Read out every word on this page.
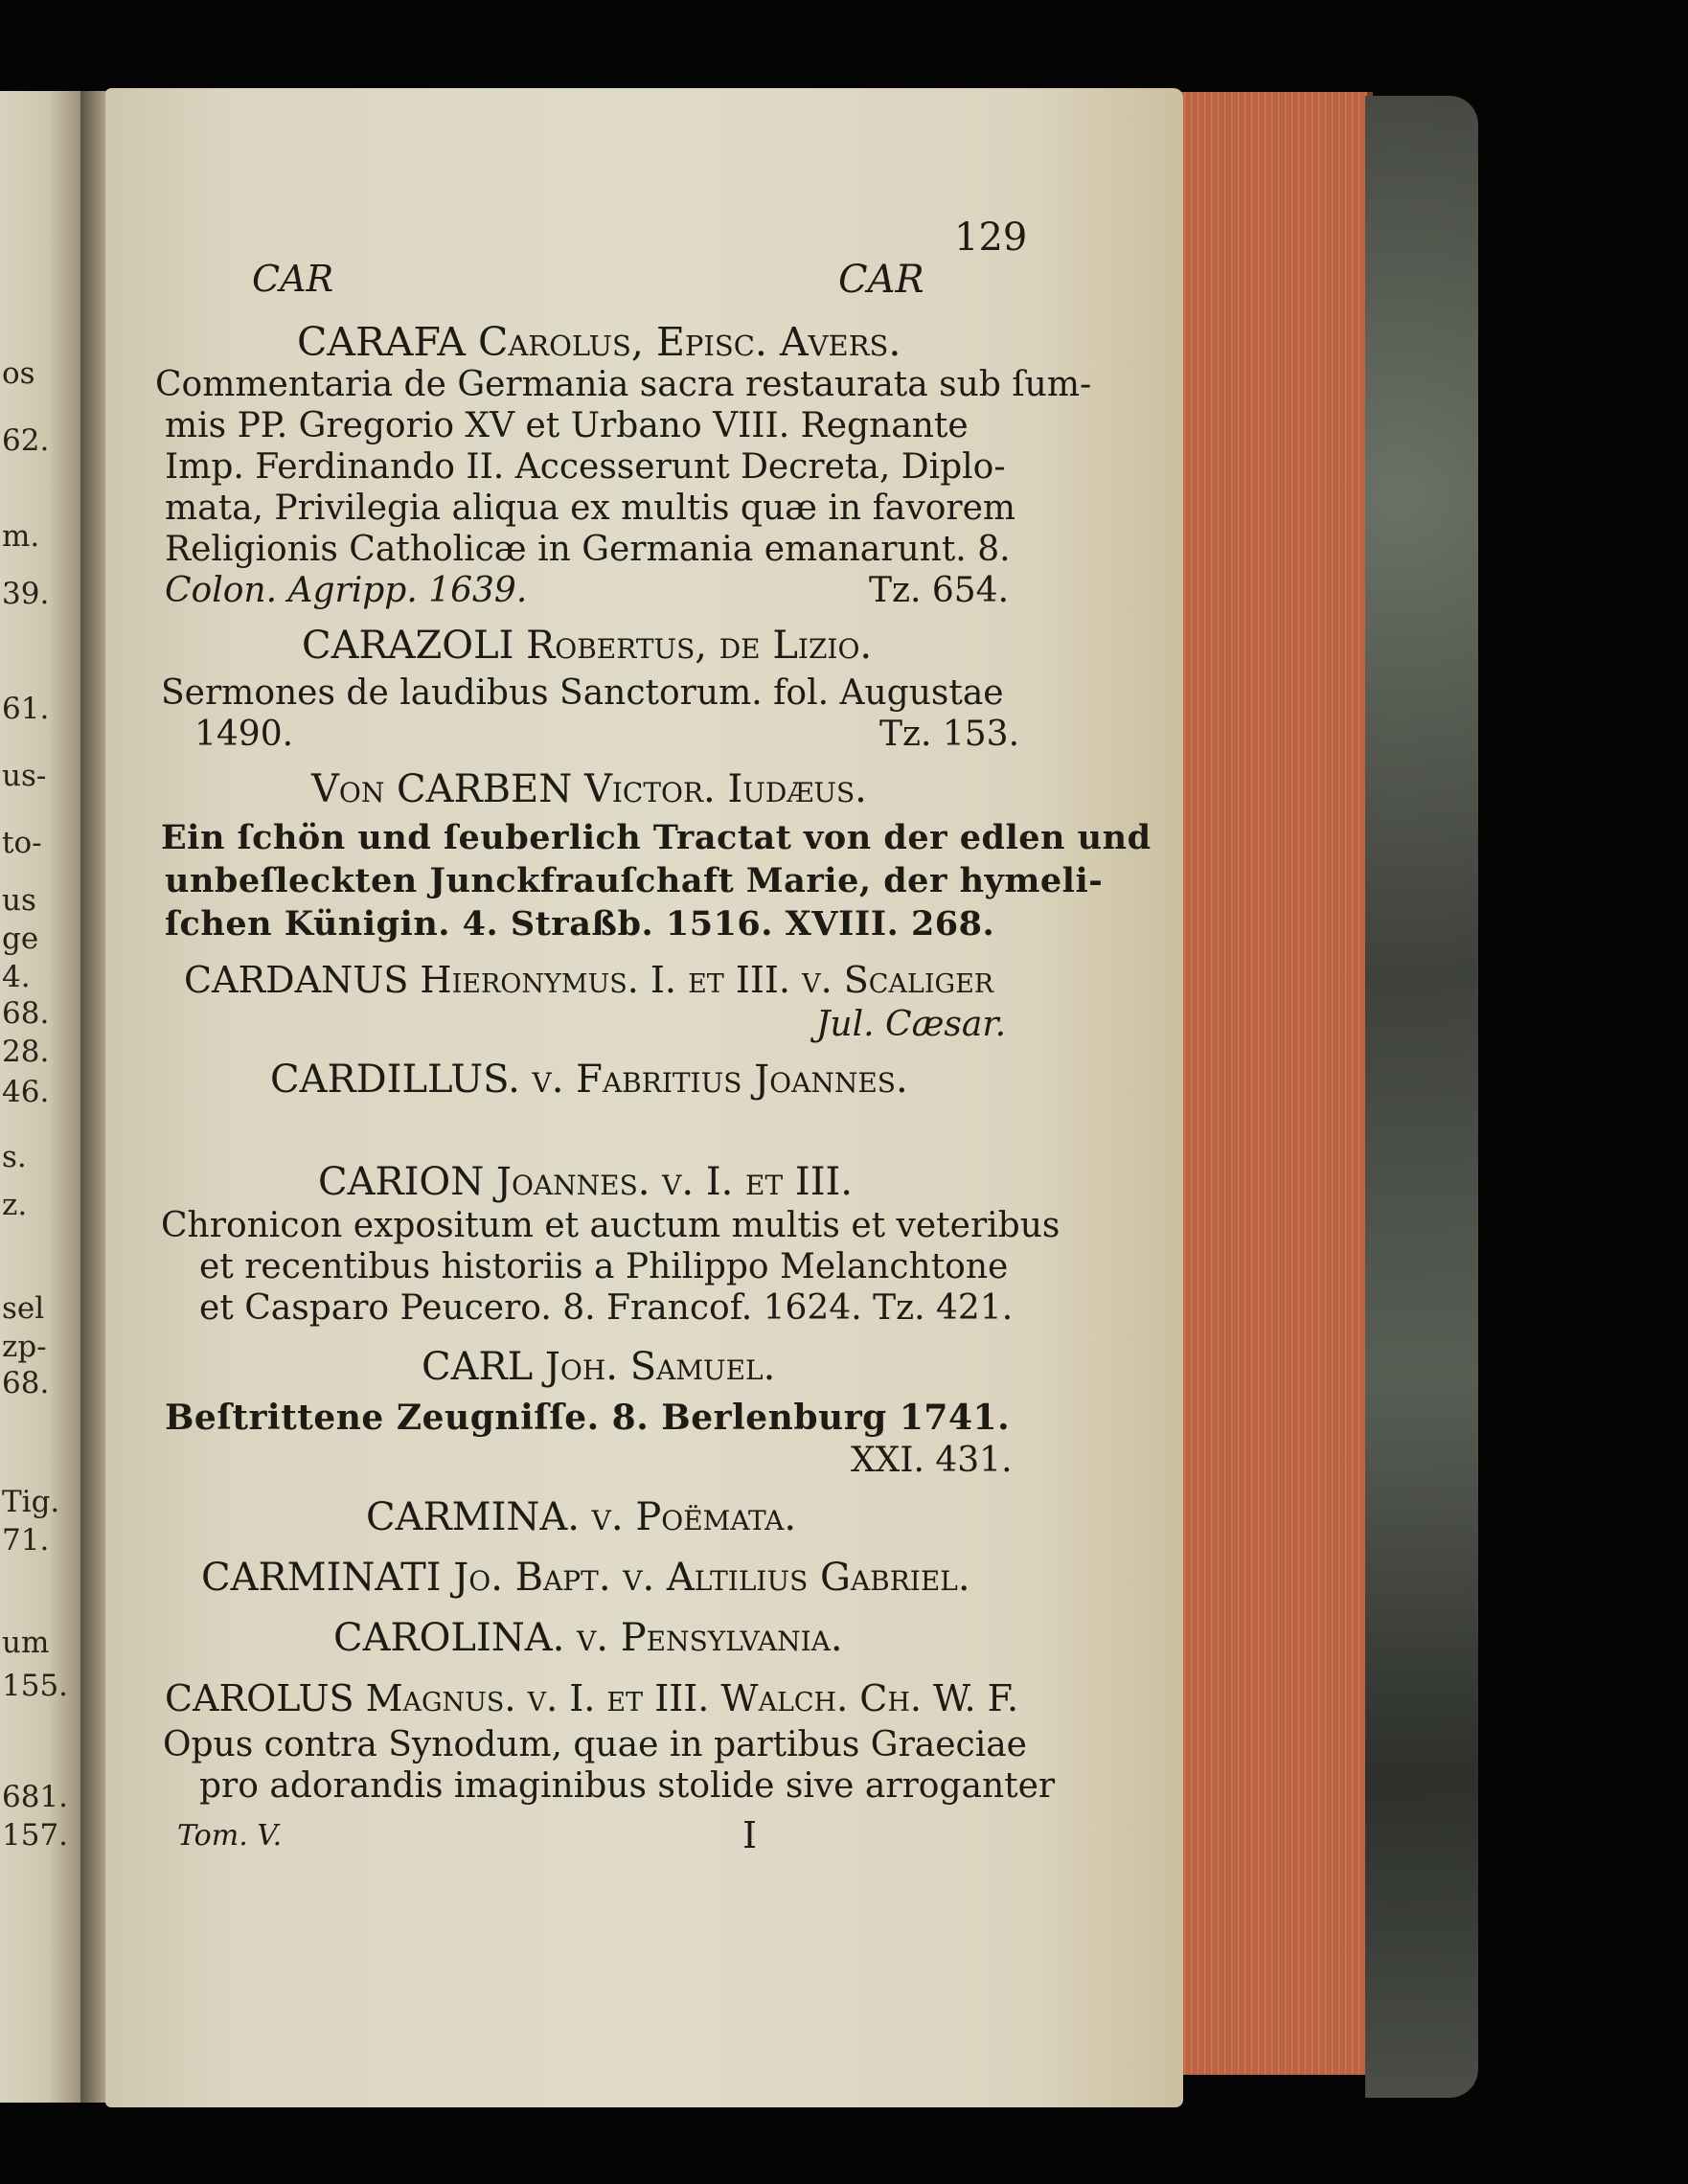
os
62.
m.
39.
61.
us-
to-
us
ge
4.
68.
28.
46.
s.
z.
sel
zp-
68.
Tig.
71.
um
155.
681.
157.
129
CAR	CAR
CARAFA Carolus, Episc. Avers.
Commentaria de Germania sacra restaurata sub ſum-
mis PP. Gregorio XV et Urbano VIII. Regnante
Imp. Ferdinando II. Accesserunt Decreta, Diplo-
mata, Privilegia aliqua ex multis quæ in favorem
Religionis Catholicæ in Germania emanarunt. 8.
Colon. Agripp. 1639.	Tz. 654.
CARAZOLI Robertus, de Lizio.
Sermones de laudibus Sanctorum. fol. Augustae
1490.	Tz. 153.
Von CARBEN Victor. Iudæus.
Ein ſchön und ſeuberlich Tractat von der edlen und
unbeſleckten Junckfrauſchaft Marie, der hymeli-
ſchen Künigin. 4. Straßb. 1516. XVIII. 268.
CARDANUS Hieronymus. I. et III. v. Scaliger
Jul. Cæsar.
CARDILLUS. v. Fabritius Joannes.
CARION Joannes. v. I. et III.
Chronicon expositum et auctum multis et veteribus
et recentibus historiis a Philippo Melanchtone
et Casparo Peucero. 8. Francof. 1624. Tz. 421.
CARL Joh. Samuel.
Beſtrittene Zeugniſſe. 8. Berlenburg 1741.
XXI. 431.
CARMINA. v. Poëmata.
CARMINATI Jo. Bapt. v. Altilius Gabriel.
CAROLINA. v. Pensylvania.
CAROLUS Magnus. v. I. et III. Walch. Ch. W. F.
Opus contra Synodum, quae in partibus Graeciae
pro adorandis imaginibus stolide sive arroganter
Tom. V.	I
